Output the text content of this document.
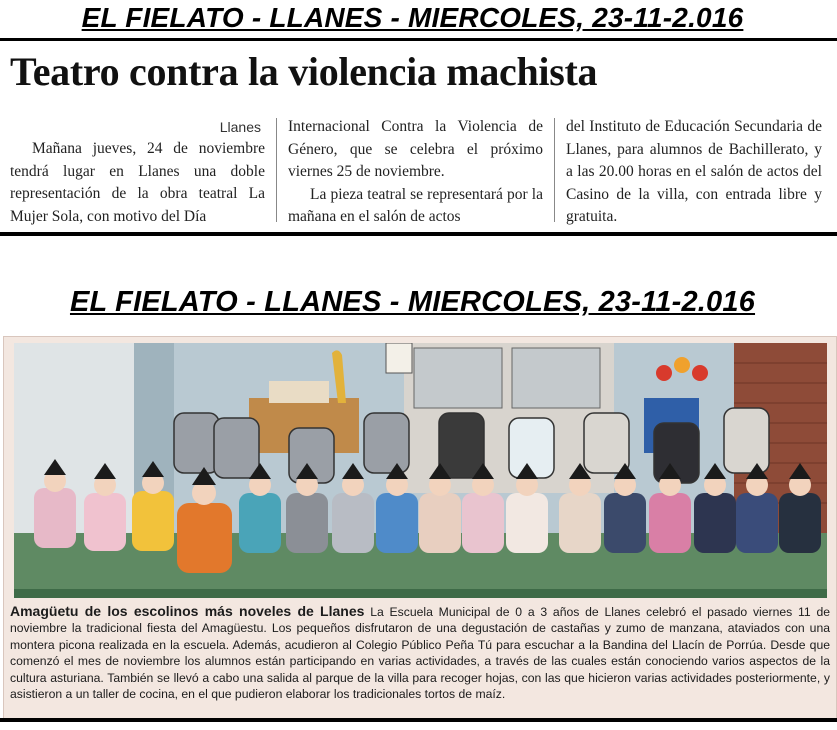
EL FIELATO - LLANES - MIERCOLES, 23-11-2.016
Teatro contra la violencia machista
Llanes

Mañana jueves, 24 de noviembre tendrá lugar en Llanes una doble representación de la obra teatral La Mujer Sola, con motivo del Día

Internacional Contra la Violencia de Género, que se celebra el próximo viernes 25 de noviembre.

La pieza teatral se representará por la mañana en el salón de actos

del Instituto de Educación Secundaria de Llanes, para alumnos de Bachillerato, y a las 20.00 horas en el salón de actos del Casino de la villa, con entrada libre y gratuita.

EL FIELATO - LLANES - MIERCOLES, 23-11-2.016
Amagüetu de los escolinos más noveles de Llanes La Escuela Municipal de 0 a 3 años de Llanes celebró el pasado viernes 11 de noviembre la tradicional fiesta del Amagüestu. Los pequeños disfrutaron de una degustación de castañas y zumo de manzana, ataviados con una montera picona realizada en la escuela. Además, acudieron al Colegio Público Peña Tú para escuchar a la Bandina del Llacín de Porrúa. Desde que comenzó el mes de noviembre los alumnos están participando en varias actividades, a través de las cuales están conociendo varios aspectos de la cultura asturiana. También se llevó a cabo una salida al parque de la villa para recoger hojas, con las que hicieron varias actividades posteriormente, y asistieron a un taller de cocina, en el que pudieron elaborar los tradicionales tortos de maíz.
